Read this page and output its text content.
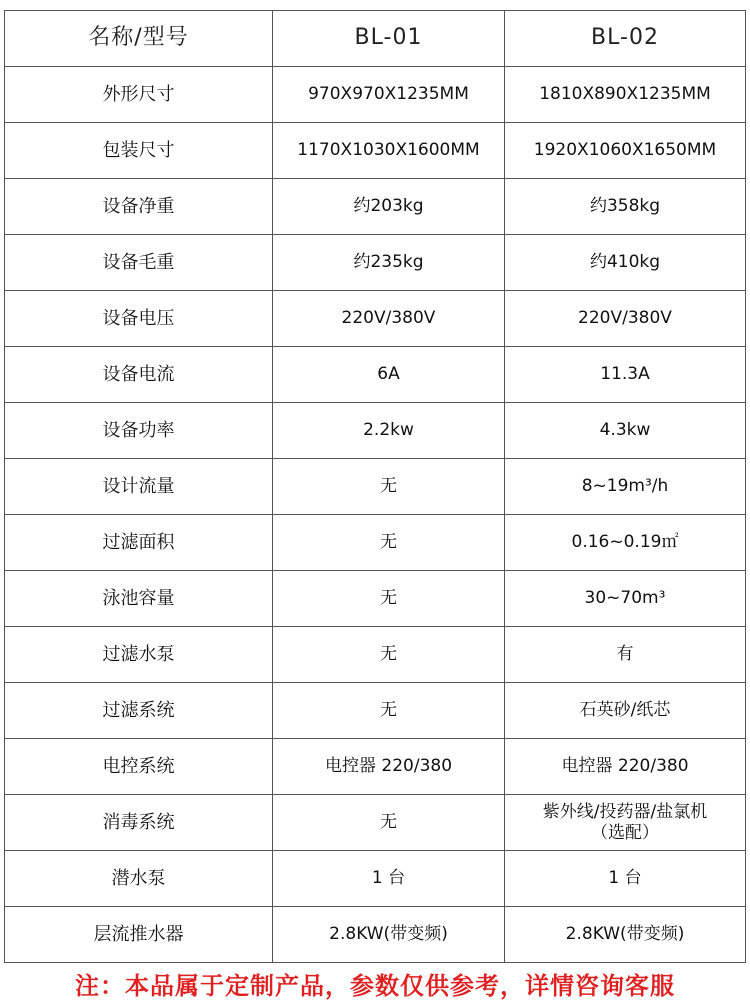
名称/型号	BL-01	BL-02
外形尺寸	970X970X1235MM	1810X890X1235MM
包装尺寸	1170X1030X1600MM	1920X1060X1650MM
设备净重	约203kg	约358kg
设备毛重	约235kg	约410kg
设备电压	220V/380V	220V/380V
设备电流	6A	11.3A
设备功率	2.2kw	4.3kw
设计流量	无	8~19m³/h
过滤面积	无	0.16~0.19㎡
泳池容量	无	30~70m³
过滤水泵	无	有
过滤系统	无	石英砂/纸芯
电控系统	电控器 220/380	电控器 220/380
消毒系统	无	紫外线/投药器/盐氯机
（选配）
潜水泵	1 台	1 台
层流推水器	2.8KW(带变频)	2.8KW(带变频)
注：本品属于定制产品，参数仅供参考，详情咨询客服
